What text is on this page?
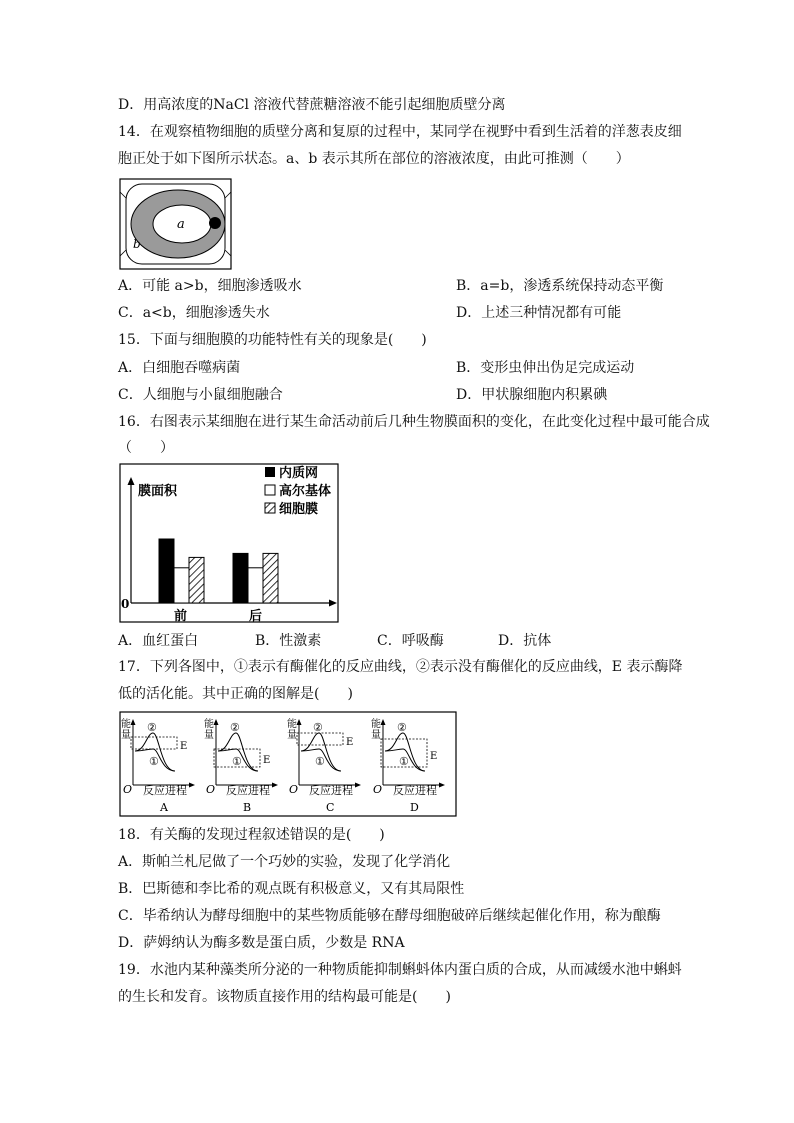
D．用高浓度的NaCl 溶液代替蔗糖溶液不能引起细胞质壁分离
14．在观察植物细胞的质壁分离和复原的过程中，某同学在视野中看到生活着的洋葱表皮细
胞正处于如下图所示状态。a、b 表示其所在部位的溶液浓度，由此可推测（　　）
a
b
A．可能 a>b，细胞渗透吸水	B．a=b，渗透系统保持动态平衡
C．a<b，细胞渗透失水	D．上述三种情况都有可能
15．下面与细胞膜的功能特性有关的现象是(　　)
A．白细胞吞噬病菌	B．变形虫伸出伪足完成运动
C．人细胞与小鼠细胞融合	D．甲状腺细胞内积累碘
16．右图表示某细胞在进行某生命活动前后几种生物膜面积的变化，在此变化过程中最可能合成
（　　）
膜面积
0
内质网
高尔基体
细胞膜
前	后
A．血红蛋白	B．性激素	C．呼吸酶	D．抗体
17．下列各图中，①表示有酶催化的反应曲线，②表示没有酶催化的反应曲线，E 表示酶降
低的活化能。其中正确的图解是(　　)
能
量
O 反应进程
A
②
①
E
能
量
O 反应进程
B
②
① E
能
量
O 反应进程
C
②
①
E
能
量
O 反应进程
D
②
① E
18．有关酶的发现过程叙述错误的是(　　)
A．斯帕兰札尼做了一个巧妙的实验，发现了化学消化
B．巴斯德和李比希的观点既有积极意义，又有其局限性
C．毕希纳认为酵母细胞中的某些物质能够在酵母细胞破碎后继续起催化作用，称为酿酶
D．萨姆纳认为酶多数是蛋白质，少数是 RNA
19．水池内某种藻类所分泌的一种物质能抑制蝌蚪体内蛋白质的合成，从而减缓水池中蝌蚪
的生长和发育。该物质直接作用的结构最可能是(　　)
